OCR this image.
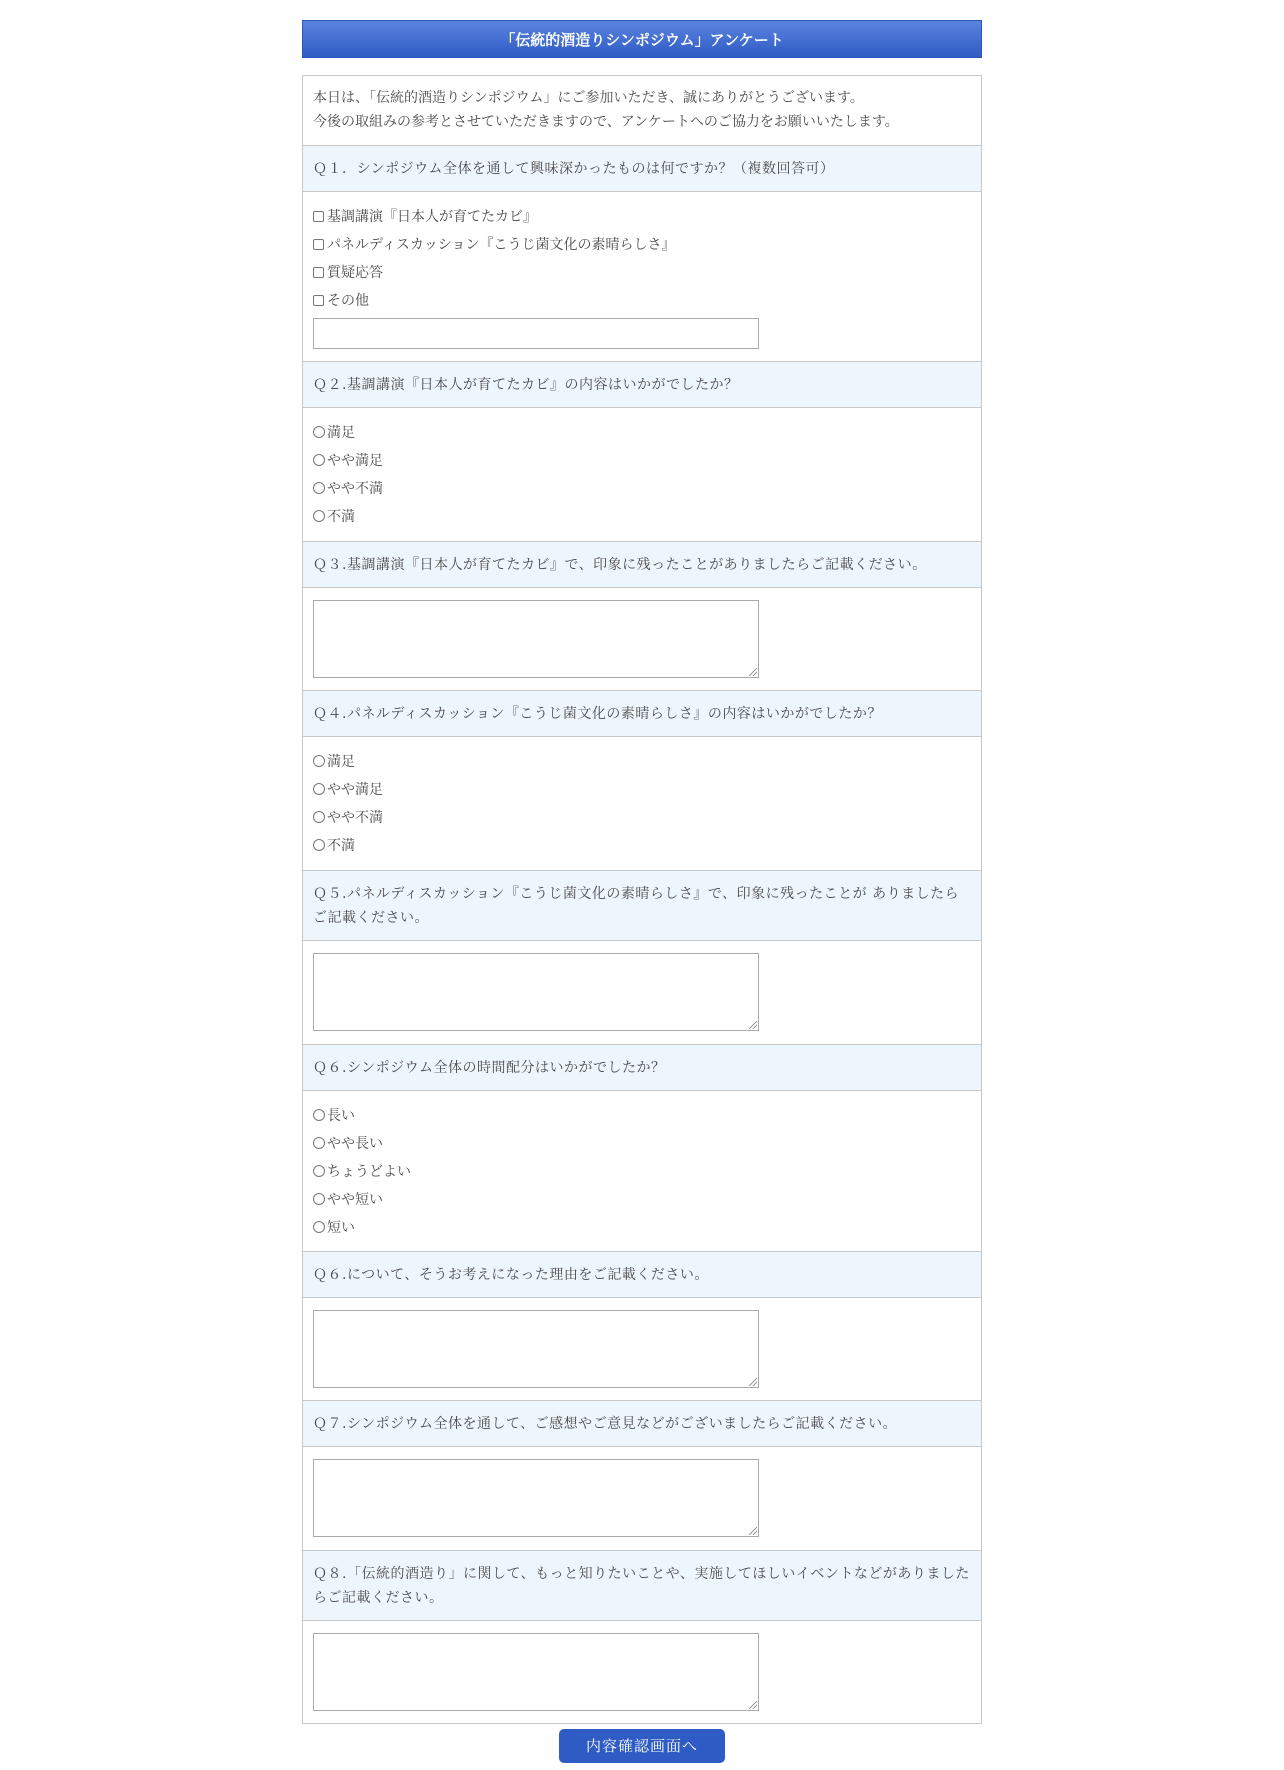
「伝統的酒造りシンポジウム」アンケート
本日は、「伝統的酒造りシンポジウム」にご参加いただき、誠にありがとうございます。
今後の取組みの参考とさせていただきますので、アンケートへのご協力をお願いいたします。
Ｑ１．シンポジウム全体を通して興味深かったものは何ですか？（複数回答可）
基調講演『日本人が育てたカビ』
パネルディスカッション『こうじ菌文化の素晴らしさ』
質疑応答
その他
Ｑ２.基調講演『日本人が育てたカビ』の内容はいかがでしたか？
満足
やや満足
やや不満
不満
Ｑ３.基調講演『日本人が育てたカビ』で、印象に残ったことがありましたらご記載ください。
Ｑ４.パネルディスカッション『こうじ菌文化の素晴らしさ』の内容はいかがでしたか？
満足
やや満足
やや不満
不満
Ｑ５.パネルディスカッション『こうじ菌文化の素晴らしさ』で、印象に残ったことが ありましたらご記載ください。
Ｑ６.シンポジウム全体の時間配分はいかがでしたか？
長い
やや長い
ちょうどよい
やや短い
短い
Ｑ６.について、そうお考えになった理由をご記載ください。
Ｑ７.シンポジウム全体を通して、ご感想やご意見などがございましたらご記載ください。
Ｑ８.「伝統的酒造り」に関して、もっと知りたいことや、実施してほしいイベントなどがありましたらご記載ください。
内容確認画面へ
